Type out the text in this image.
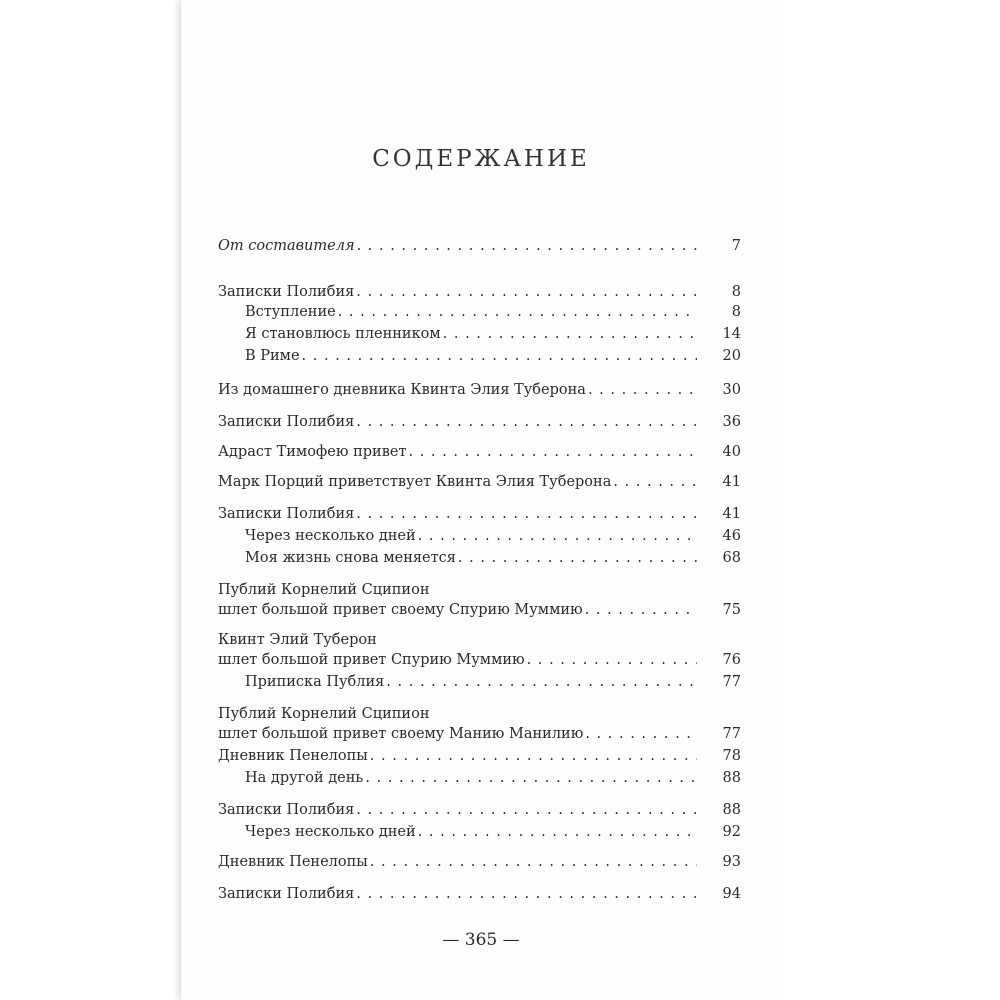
СОДЕРЖАНИЕ
От составителя . . .	7
Записки Полибия . . .	8
Вступление . . .	8
Я становлюсь пленником . . .	14
В Риме . . .	20
Из домашнего дневника Квинта Элия Туберона . . .	30
Записки Полибия . . .	36
Адраст Тимофею привет . . .	40
Марк Порций приветствует Квинта Элия Туберона . . .	41
Записки Полибия . . .	41
Через несколько дней . . .	46
Моя жизнь снова меняется . . .	68
Публий Корнелий Сципион
шлет большой привет своему Спурию Муммию . . .	75
Квинт Элий Туберон
шлет большой привет Спурию Муммию . . .	76
Приписка Публия . . .	77
Публий Корнелий Сципион
шлет большой привет своему Манию Манилию . . .	77
Дневник Пенелопы . . .	78
На другой день . . .	88
Записки Полибия . . .	88
Через несколько дней . . .	92
Дневник Пенелопы . . .	93
Записки Полибия . . .	94
— 365 —
